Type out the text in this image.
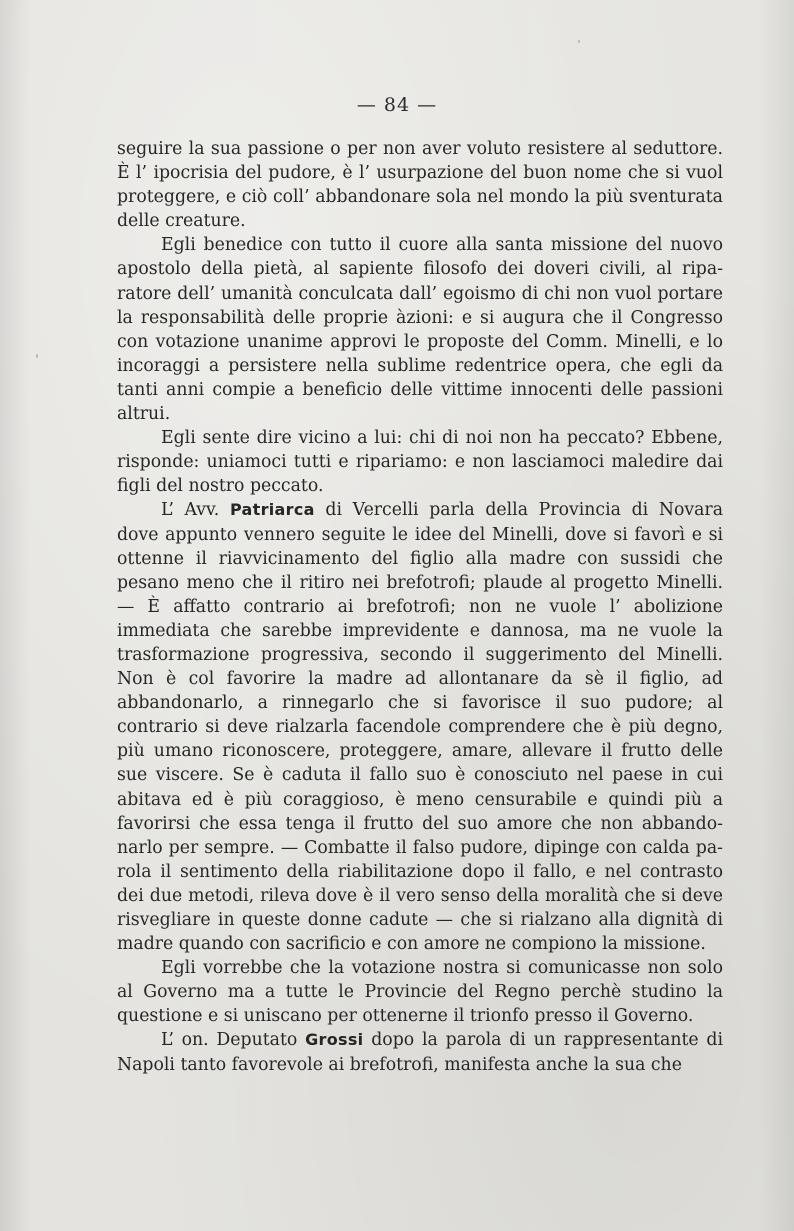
— 84 —

seguire la sua passione o per non aver voluto resistere al seduttore. È l’ ipocrisia del pudore, è l’ usurpazione del buon nome che si vuol proteggere, e ciò coll’ abbandonare sola nel mondo la più sventurata delle creature.

Egli benedice con tutto il cuore alla santa missione del nuovo apostolo della pietà, al sapiente filosofo dei doveri civili, al riparatore dell’ umanità conculcata dall’ egoismo di chi non vuol portare la responsabilità delle proprie àzioni: e si augura che il Congresso con votazione unanime approvi le proposte del Comm. Minelli, e lo incoraggi a persistere nella sublime redentrice opera, che egli da tanti anni compie a beneficio delle vittime innocenti delle passioni altrui.

Egli sente dire vicino a lui: chi di noi non ha peccato? Ebbene, risponde: uniamoci tutti e ripariamo: e non lasciamoci maledire dai figli del nostro peccato.

L’ Avv. Patriarca di Vercelli parla della Provincia di Novara dove appunto vennero seguite le idee del Minelli, dove si favorì e si ottenne il riavvicinamento del figlio alla madre con sussidi che pesano meno che il ritiro nei brefotrofi; plaude al progetto Minelli. — È affatto contrario ai brefotrofi; non ne vuole l’ abolizione immediata che sarebbe imprevidente e dannosa, ma ne vuole la trasformazione progressiva, secondo il suggerimento del Minelli. Non è col favorire la madre ad allontanare da sè il figlio, ad abbandonarlo, a rinnegarlo che si favorisce il suo pudore; al contrario si deve rialzarla facendole comprendere che è più degno, più umano riconoscere, proteggere, amare, allevare il frutto delle sue viscere. Se è caduta il fallo suo è conosciuto nel paese in cui abitava ed è più coraggioso, è meno censurabile e quindi più a favorirsi che essa tenga il frutto del suo amore che non abbandonarlo per sempre. — Combatte il falso pudore, dipinge con calda parola il sentimento della riabilitazione dopo il fallo, e nel contrasto dei due metodi, rileva dove è il vero senso della moralità che si deve risvegliare in queste donne cadute — che si rialzano alla dignità di madre quando con sacrificio e con amore ne compiono la missione.

Egli vorrebbe che la votazione nostra si comunicasse non solo al Governo ma a tutte le Provincie del Regno perchè studino la questione e si uniscano per ottenerne il trionfo presso il Governo.

L’ on. Deputato Grossi dopo la parola di un rappresentante di Napoli tanto favorevole ai brefotrofi, manifesta anche la sua che
